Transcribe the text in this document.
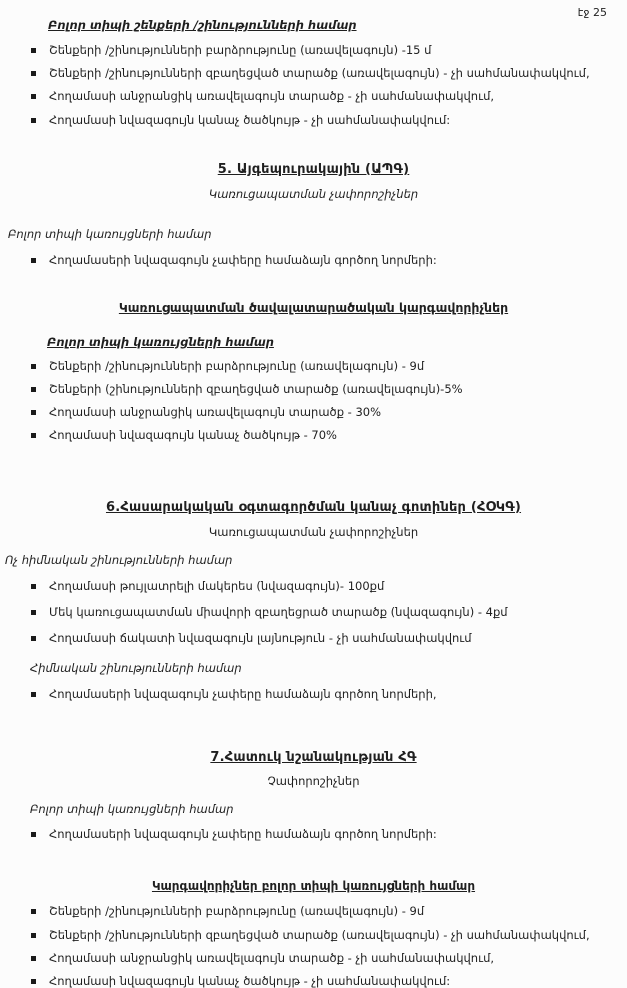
էջ 25
Բոլոր տիպի շենքերի /շինությունների համար
Շենքերի /շինությունների բարձրությունը (առավելագույն) -15 մ
Շենքերի /շինությունների զբաղեցված տարածք (առավելագույն) - չի սահմանափակվում,
Հողամասի անջրանցիկ առավելագույն տարածք - չի սահմանափակվում,
Հողամասի նվազագույն կանաչ ծածկույթ - չի սահմանափակվում:
5. Այգեպուրակային (ԱՊԳ)
Կառուցապատման չափորոշիչներ
Բոլոր տիպի կառույցների համար
Հողամասերի նվազագույն չափերը համաձայն գործող նորմերի:
Կառուցապատման ծավալատարածական կարգավորիչներ
Բոլոր տիպի կառույցների համար
Շենքերի /շինությունների բարձրությունը (առավելագույն) - 9մ
Շենքերի (շինությունների զբաղեցված տարածք (առավելագույն)-5%
Հողամասի անջրանցիկ առավելագույն տարածք - 30%
Հողամասի նվազագույն կանաչ ծածկույթ - 70%
6.Հասարակական օգտագործման կանաչ գոտիներ (ՀՕԿԳ)
Կառուցապատման չափորոշիչներ
Ոչ հիմնական շինությունների համար
Հողամասի թույլատրելի մակերես (նվազագույն)- 100քմ
Մեկ կառուցապատման միավորի զբաղեցրած տարածք (նվազագույն) - 4քմ
Հողամասի ճակատի նվազագույն լայնություն - չի սահմանափակվում
Հիմնական շինությունների համար
Հողամասերի նվազագույն չափերը համաձայն գործող նորմերի,
7.Հատուկ նշանակության ՀԳ
Չափորոշիչներ
Բոլոր տիպի կառույցների համար
Հողամասերի նվազագույն չափերը համաձայն գործող նորմերի:
Կարգավորիչներ բոլոր տիպի կառույցների համար
Շենքերի /շինությունների բարձրությունը (առավելագույն) - 9մ
Շենքերի /շինությունների զբաղեցված տարածք (առավելագույն) - չի սահմանափակվում,
Հողամասի անջրանցիկ առավելագույն տարածք - չի սահմանափակվում,
Հողամասի նվազագույն կանաչ ծածկույթ - չի սահմանափակվում:
